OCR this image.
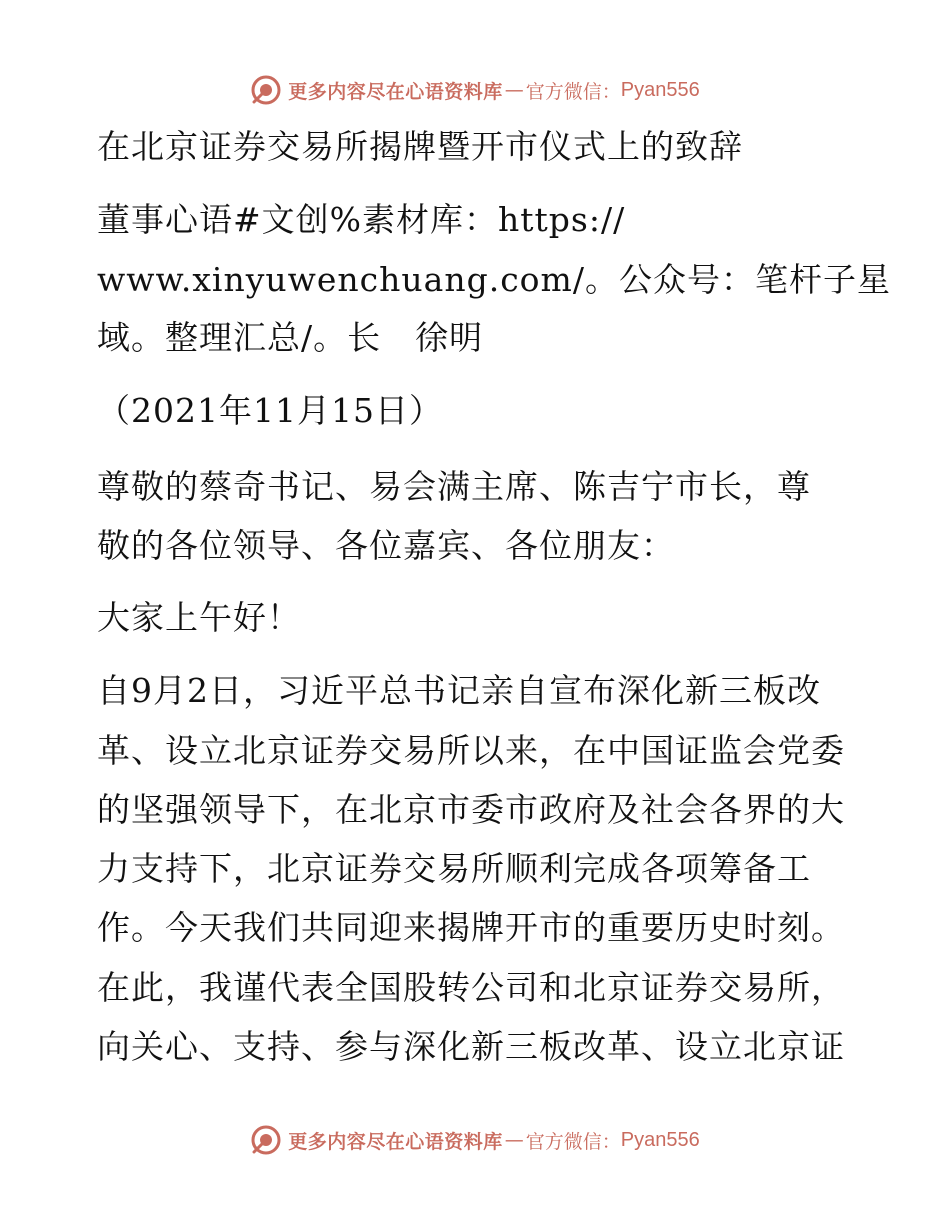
更多内容尽在心语资料库 — 官方微信： Pyan556
在北京证券交易所揭牌暨开市仪式上的致辞
董事心语#文创%素材库：https://
www.xinyuwenchuang.com/。公众号：笔杆子星
域。整理汇总/。长　徐明
（2021年11月15日）
尊敬的蔡奇书记、易会满主席、陈吉宁市长，尊
敬的各位领导、各位嘉宾、各位朋友：
大家上午好！
自9月2日，习近平总书记亲自宣布深化新三板改
革、设立北京证券交易所以来，在中国证监会党委
的坚强领导下，在北京市委市政府及社会各界的大
力支持下，北京证券交易所顺利完成各项筹备工
作。今天我们共同迎来揭牌开市的重要历史时刻。
在此，我谨代表全国股转公司和北京证券交易所，
向关心、支持、参与深化新三板改革、设立北京证
更多内容尽在心语资料库 — 官方微信： Pyan556
